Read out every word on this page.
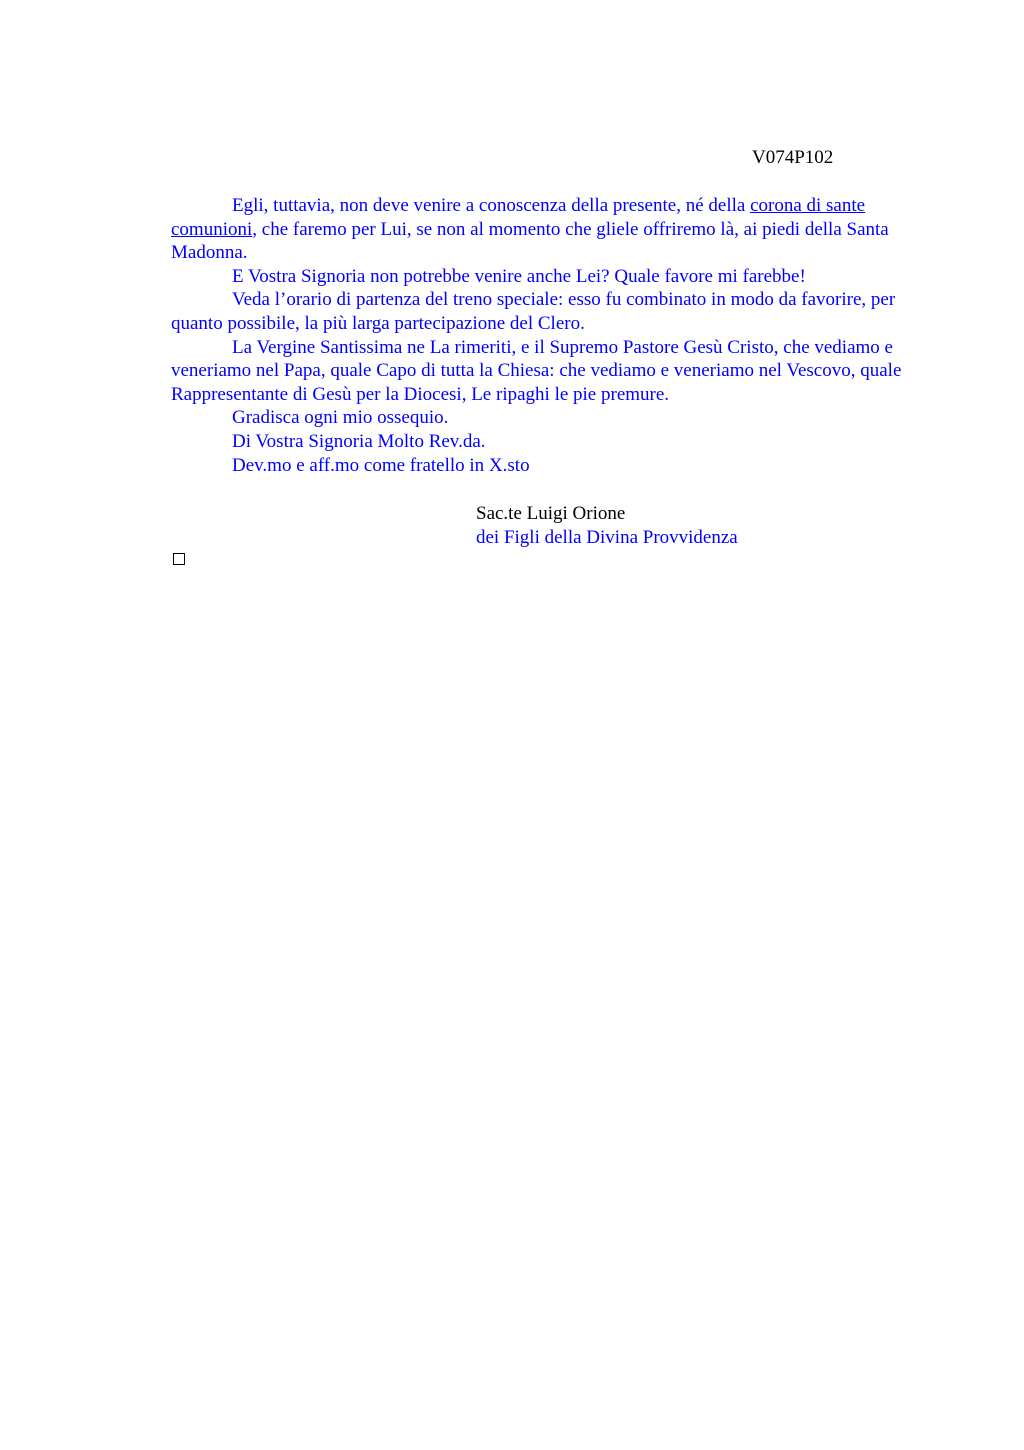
V074P102

Egli, tuttavia, non deve venire a conoscenza della presente, né della corona di sante

comunioni, che faremo per Lui, se non al momento che gliele offriremo là, ai piedi della Santa Madonna.

E Vostra Signoria non potrebbe venire anche Lei? Quale favore mi farebbe!

Veda l’orario di partenza del treno speciale: esso fu combinato in modo da favorire, per quanto possibile, la più larga partecipazione del Clero.

La Vergine Santissima ne La rimeriti, e il Supremo Pastore Gesù Cristo, che vediamo e veneriamo nel Papa, quale Capo di tutta la Chiesa: che vediamo e veneriamo nel Vescovo, quale Rappresentante di Gesù per la Diocesi, Le ripaghi le pie premure.

Gradisca ogni mio ossequio.

Di Vostra Signoria Molto Rev.da.

Dev.mo e aff.mo come fratello in X.sto

Sac.te Luigi Orione
dei Figli della Divina Provvidenza
